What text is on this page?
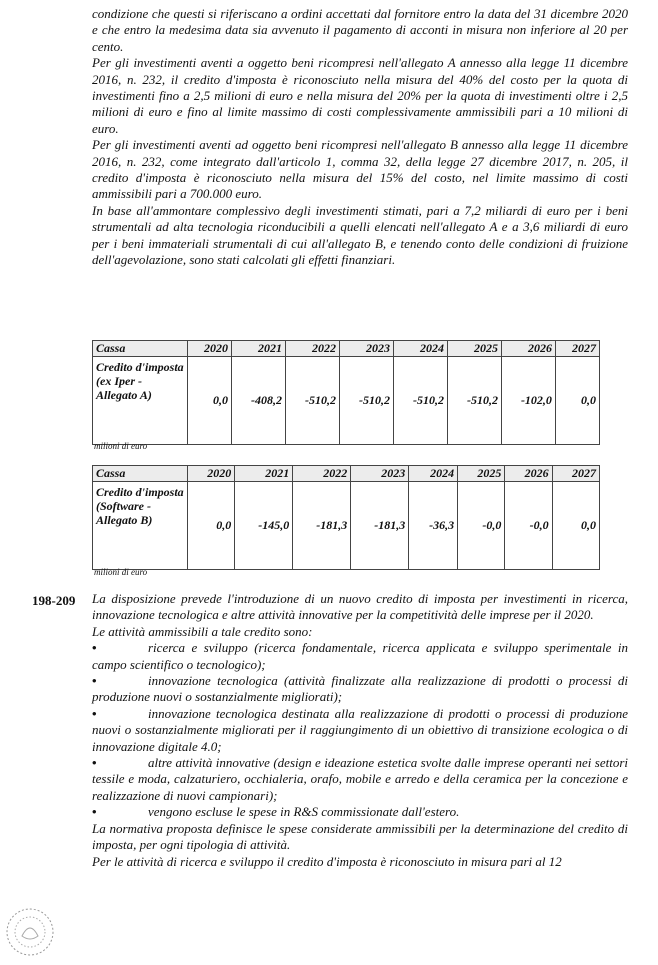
condizione che questi si riferiscano a ordini accettati dal fornitore entro la data del 31 dicembre 2020 e che entro la medesima data sia avvenuto il pagamento di acconti in misura non inferiore al 20 per cento.

Per gli investimenti aventi a oggetto beni ricompresi nell'allegato A annesso alla legge 11 dicembre 2016, n. 232, il credito d'imposta è riconosciuto nella misura del 40% del costo per la quota di investimenti fino a 2,5 milioni di euro e nella misura del 20% per la quota di investimenti oltre i 2,5 milioni di euro e fino al limite massimo di costi complessivamente ammissibili pari a 10 milioni di euro.

Per gli investimenti aventi ad oggetto beni ricompresi nell'allegato B annesso alla legge 11 dicembre 2016, n. 232, come integrato dall'articolo 1, comma 32, della legge 27 dicembre 2017, n. 205, il credito d'imposta è riconosciuto nella misura del 15% del costo, nel limite massimo di costi ammissibili pari a 700.000 euro.

In base all'ammontare complessivo degli investimenti stimati, pari a 7,2 miliardi di euro per i beni strumentali ad alta tecnologia riconducibili a quelli elencati nell'allegato A e a 3,6 miliardi di euro per i beni immateriali strumentali di cui all'allegato B, e tenendo conto delle condizioni di fruizione dell'agevolazione, sono stati calcolati gli effetti finanziari.

Cassa	2020	2021	2022	2023	2024	2025	2026	2027
Credito d'imposta (ex Iper - Allegato A)	0,0	-408,2	-510,2	-510,2	-510,2	-510,2	-102,0	0,0
milioni di euro
Cassa	2020	2021	2022	2023	2024	2025	2026	2027
Credito d'imposta (Software - Allegato B)	0,0	-145,0	-181,3	-181,3	-36,3	-0,0	-0,0	0,0
milioni di euro
198-209 La disposizione prevede l'introduzione di un nuovo credito di imposta per investimenti in ricerca, innovazione tecnologica e altre attività innovative per la competitività delle imprese per il 2020.

Le attività ammissibili a tale credito sono:

•	ricerca e sviluppo (ricerca fondamentale, ricerca applicata e sviluppo sperimentale in campo scientifico o tecnologico);

•	innovazione tecnologica (attività finalizzate alla realizzazione di prodotti o processi di produzione nuovi o sostanzialmente migliorati);

•	innovazione tecnologica destinata alla realizzazione di prodotti o processi di produzione nuovi o sostanzialmente migliorati per il raggiungimento di un obiettivo di transizione ecologica o di innovazione digitale 4.0;

•	altre attività innovative (design e ideazione estetica svolte dalle imprese operanti nei settori tessile e moda, calzaturiero, occhialeria, orafo, mobile e arredo e della ceramica per la concezione e realizzazione di nuovi campionari);

•	vengono escluse le spese in R&S commissionate dall'estero.

La normativa proposta definisce le spese considerate ammissibili per la determinazione del credito di imposta, per ogni tipologia di attività.

Per le attività di ricerca e sviluppo il credito d'imposta è riconosciuto in misura pari al 12
